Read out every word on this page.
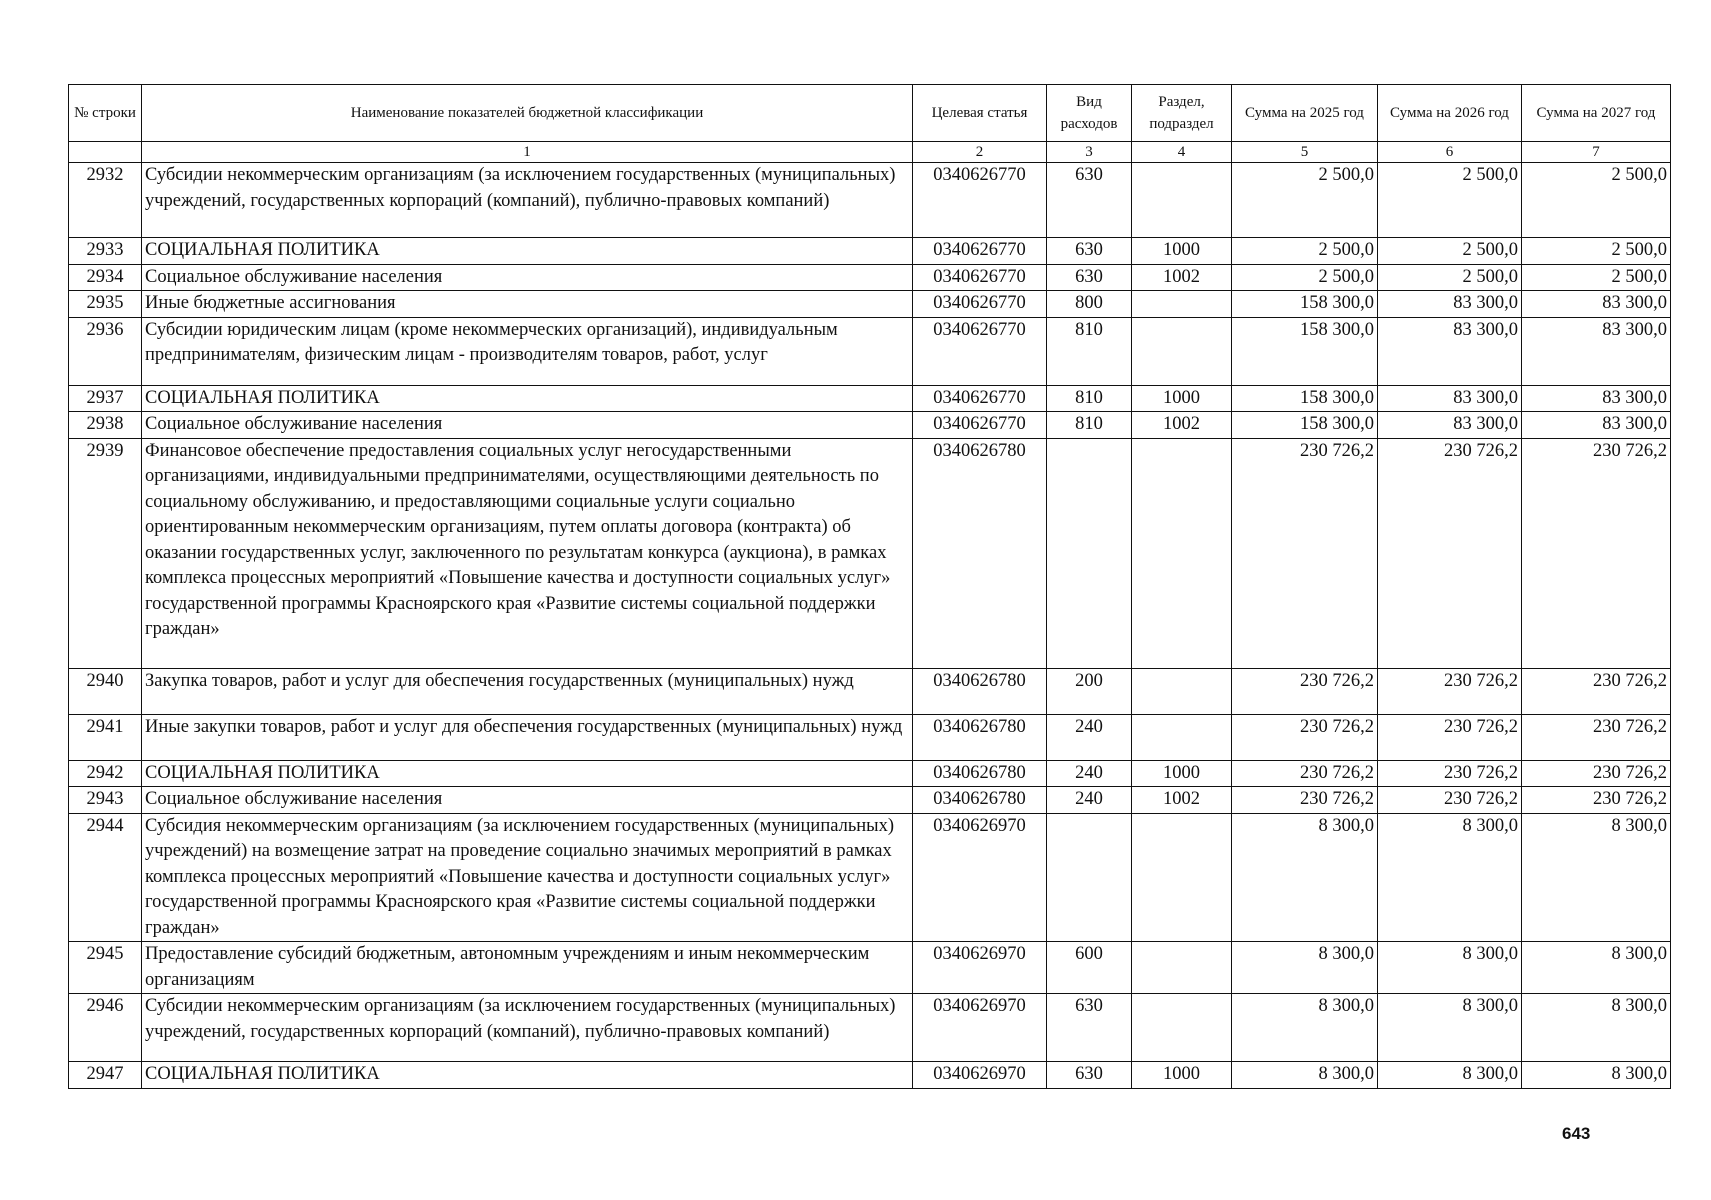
№ строки	Наименование показателей бюджетной классификации	Целевая статья	Вид расходов	Раздел, подраздел	Сумма на 2025 год	Сумма на 2026 год	Сумма на 2027 год
	1	2	3	4	5	6	7
2932	Субсидии некоммерческим организациям (за исключением государственных (муниципальных) учреждений, государственных корпораций (компаний), публично-правовых компаний)	0340626770	630		2 500,0	2 500,0	2 500,0
2933	СОЦИАЛЬНАЯ ПОЛИТИКА	0340626770	630	1000	2 500,0	2 500,0	2 500,0
2934	Социальное обслуживание населения	0340626770	630	1002	2 500,0	2 500,0	2 500,0
2935	Иные бюджетные ассигнования	0340626770	800		158 300,0	83 300,0	83 300,0
2936	Субсидии юридическим лицам (кроме некоммерческих организаций), индивидуальным предпринимателям, физическим лицам - производителям товаров, работ, услуг	0340626770	810		158 300,0	83 300,0	83 300,0
2937	СОЦИАЛЬНАЯ ПОЛИТИКА	0340626770	810	1000	158 300,0	83 300,0	83 300,0
2938	Социальное обслуживание населения	0340626770	810	1002	158 300,0	83 300,0	83 300,0
2939	Финансовое обеспечение предоставления социальных услуг негосударственными организациями, индивидуальными предпринимателями, осуществляющими деятельность по социальному обслуживанию, и предоставляющими социальные услуги социально ориентированным некоммерческим организациям, путем оплаты договора (контракта) об оказании государственных услуг, заключенного по результатам конкурса (аукциона), в рамках комплекса процессных мероприятий «Повышение качества и доступности социальных услуг» государственной программы Красноярского края «Развитие системы социальной поддержки граждан»	0340626780			230 726,2	230 726,2	230 726,2
2940	Закупка товаров, работ и услуг для обеспечения государственных (муниципальных) нужд	0340626780	200		230 726,2	230 726,2	230 726,2
2941	Иные закупки товаров, работ и услуг для обеспечения государственных (муниципальных) нужд	0340626780	240		230 726,2	230 726,2	230 726,2
2942	СОЦИАЛЬНАЯ ПОЛИТИКА	0340626780	240	1000	230 726,2	230 726,2	230 726,2
2943	Социальное обслуживание населения	0340626780	240	1002	230 726,2	230 726,2	230 726,2
2944	Субсидия некоммерческим организациям (за исключением государственных (муниципальных) учреждений) на возмещение затрат на проведение социально значимых мероприятий в рамках комплекса процессных мероприятий «Повышение качества и доступности социальных услуг» государственной программы Красноярского края «Развитие системы социальной поддержки граждан»	0340626970			8 300,0	8 300,0	8 300,0
2945	Предоставление субсидий бюджетным, автономным учреждениям и иным некоммерческим организациям	0340626970	600		8 300,0	8 300,0	8 300,0
2946	Субсидии некоммерческим организациям (за исключением государственных (муниципальных) учреждений, государственных корпораций (компаний), публично-правовых компаний)	0340626970	630		8 300,0	8 300,0	8 300,0
2947	СОЦИАЛЬНАЯ ПОЛИТИКА	0340626970	630	1000	8 300,0	8 300,0	8 300,0
643
